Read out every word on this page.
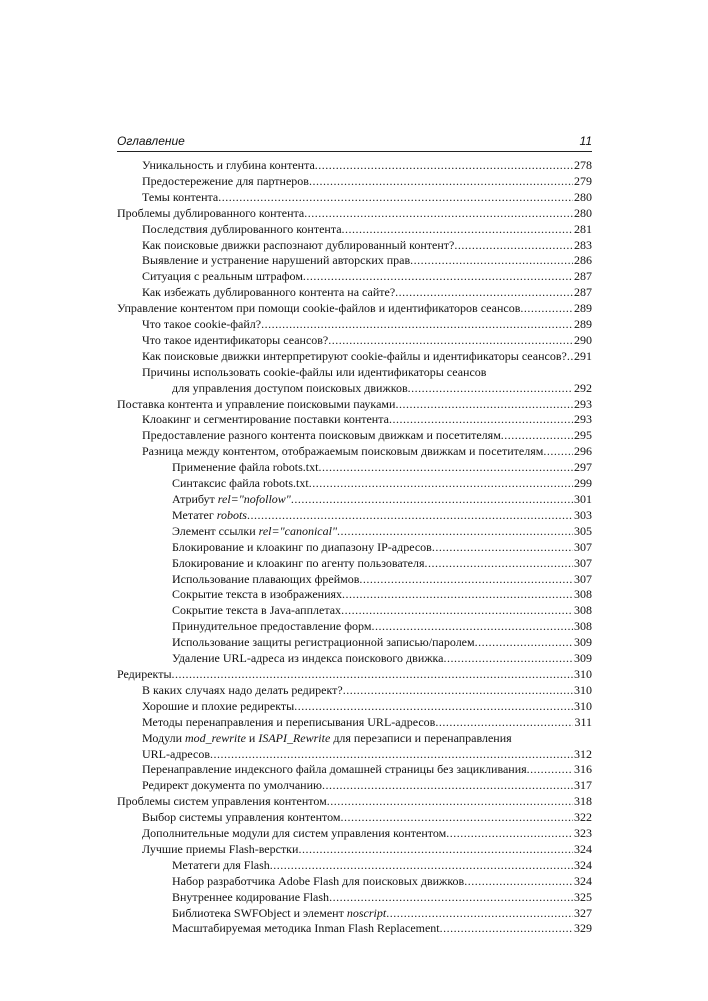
Оглавление	11
Уникальность и глубина контента .....	278
Предостережение для партнеров .....	279
Темы контента .....	280
Проблемы дублированного контента .....	280
Последствия дублированного контента .....	281
Как поисковые движки распознают дублированный контент? .....	283
Выявление и устранение нарушений авторских прав .....	286
Ситуация с реальным штрафом .....	287
Как избежать дублированного контента на сайте? .....	287
Управление контентом при помощи cookie-файлов и идентификаторов сеансов .....	289
Что такое cookie-файл? .....	289
Что такое идентификаторы сеансов? .....	290
Как поисковые движки интерпретируют cookie-файлы и идентификаторы сеансов? ..... 291
Причины использовать cookie-файлы или идентификаторы сеансов
для управления доступом поисковых движков .....	292
Поставка контента и управление поисковыми пауками .....	293
Клоакинг и сегментирование поставки контента .....	293
Предоставление разного контента поисковым движкам и посетителям .....	295
Разница между контентом, отображаемым поисковым движкам и посетителям .....	296
Применение файла robots.txt .....	297
Синтаксис файла robots.txt .....	299
Атрибут rel="nofollow" .....	301
Метатег robots .....	303
Элемент ссылки rel="canonical" .....	305
Блокирование и клоакинг по диапазону IP-адресов .....	307
Блокирование и клоакинг по агенту пользователя .....	307
Использование плавающих фреймов .....	307
Сокрытие текста в изображениях .....	308
Сокрытие текста в Java-апплетах .....	308
Принудительное предоставление форм .....	308
Использование защиты регистрационной записью/паролем .....	309
Удаление URL-адреса из индекса поискового движка .....	309
Редиректы .....	310
В каких случаях надо делать редирект? .....	310
Хорошие и плохие редиректы .....	310
Методы перенаправления и переписывания URL-адресов .....	311
Модули mod_rewrite и ISAPI_Rewrite для перезаписи и перенаправления
URL-адресов .....	312
Перенаправление индексного файла домашней страницы без зацикливания .....	316
Редирект документа по умолчанию .....	317
Проблемы систем управления контентом .....	318
Выбор системы управления контентом .....	322
Дополнительные модули для систем управления контентом .....	323
Лучшие приемы Flash-верстки .....	324
Метатеги для Flash .....	324
Набор разработчика Adobe Flash для поисковых движков .....	324
Внутреннее кодирование Flash .....	325
Библиотека SWFObject и элемент noscript .....	327
Масштабируемая методика Inman Flash Replacement .....	329
